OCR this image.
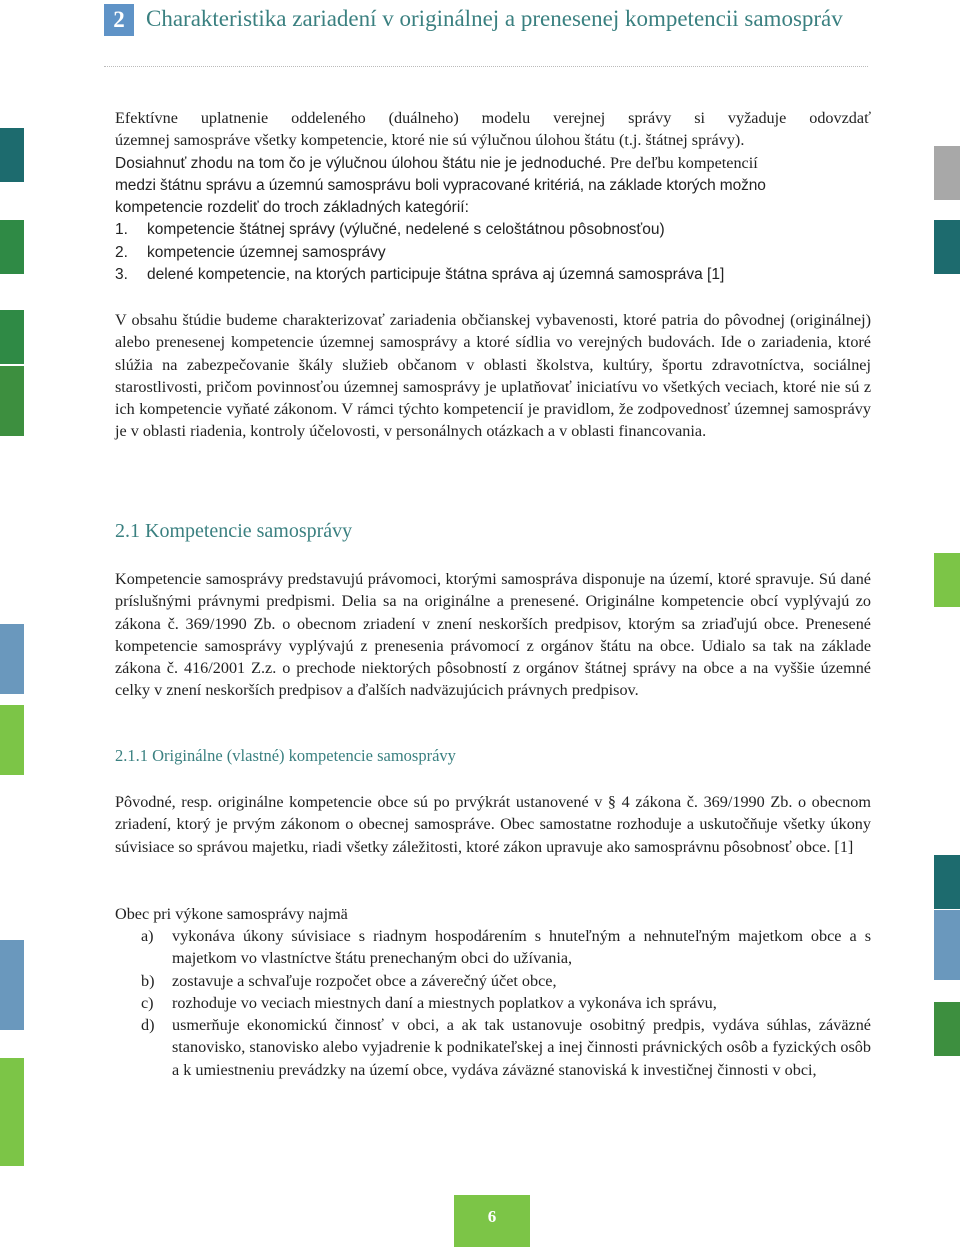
2 Charakteristika zariadení v originálnej a prenesenej kompetencii samospráv
Efektívne uplatnenie oddeleného (duálneho) modelu verejnej správy si vyžaduje odovzdať
územnej samospráve všetky kompetencie, ktoré nie sú výlučnou úlohou štátu (t.j. štátnej správy).
Dosiahnuť zhodu na tom čo je výlučnou úlohou štátu nie je jednoduché. Pre deľbu kompetencií
medzi štátnu správu a územnú samosprávu boli vypracované kritériá, na základe ktorých možno
kompetencie rozdeliť do troch základných kategórií:
1.	kompetencie štátnej správy (výlučné, nedelené s celoštátnou pôsobnosťou)
2.	kompetencie územnej samosprávy
3.	delené kompetencie, na ktorých participuje štátna správa aj územná samospráva [1]
V obsahu štúdie budeme charakterizovať zariadenia občianskej vybavenosti, ktoré patria do pôvodnej (originálnej) alebo prenesenej kompetencie územnej samosprávy a ktoré sídlia vo verejných budovách. Ide o zariadenia, ktoré slúžia na zabezpečovanie škály služieb občanom v oblasti školstva, kultúry, športu zdravotníctva, sociálnej starostlivosti, pričom povinnosťou územnej samosprávy je uplatňovať iniciatívu vo všetkých veciach, ktoré nie sú z ich kompetencie vyňaté zákonom. V rámci týchto kompetencií je pravidlom, že zodpovednosť územnej samosprávy je v oblasti riadenia, kontroly účelovosti, v personálnych otázkach a v oblasti financovania.
2.1 Kompetencie samosprávy
Kompetencie samosprávy predstavujú právomoci, ktorými samospráva disponuje na území, ktoré spravuje. Sú dané príslušnými právnymi predpismi. Delia sa na originálne a prenesené. Originálne kompetencie obcí vyplývajú zo zákona č. 369/1990 Zb. o obecnom zriadení v znení neskorších predpisov, ktorým sa zriaďujú obce. Prenesené kompetencie samosprávy vyplývajú z prenesenia právomocí z orgánov štátu na obce. Udialo sa tak na základe zákona č. 416/2001 Z.z. o prechode niektorých pôsobností z orgánov štátnej správy na obce a na vyššie územné celky v znení neskorších predpisov a ďalších nadväzujúcich právnych predpisov.
2.1.1 Originálne (vlastné) kompetencie samosprávy
Pôvodné, resp. originálne kompetencie obce sú po prvýkrát ustanovené v § 4 zákona č. 369/1990 Zb. o obecnom zriadení, ktorý je prvým zákonom o obecnej samospráve. Obec samostatne rozhoduje a uskutočňuje všetky úkony súvisiace so správou majetku, riadi všetky záležitosti, ktoré zákon upravuje ako samosprávnu pôsobnosť obce. [1]
Obec pri výkone samosprávy najmä
a)	vykonáva úkony súvisiace s riadnym hospodárením s hnuteľným a nehnuteľným majetkom obce a s majetkom vo vlastníctve štátu prenechaným obci do užívania,
b)	zostavuje a schvaľuje rozpočet obce a záverečný účet obce,
c)	rozhoduje vo veciach miestnych daní a miestnych poplatkov a vykonáva ich správu,
d)	usmerňuje ekonomickú činnosť v obci, a ak tak ustanovuje osobitný predpis, vydáva súhlas, záväzné stanovisko, stanovisko alebo vyjadrenie k podnikateľskej a inej činnosti právnických osôb a fyzických osôb a k umiestneniu prevádzky na území obce, vydáva záväzné stanoviská k investičnej činnosti v obci,
6
